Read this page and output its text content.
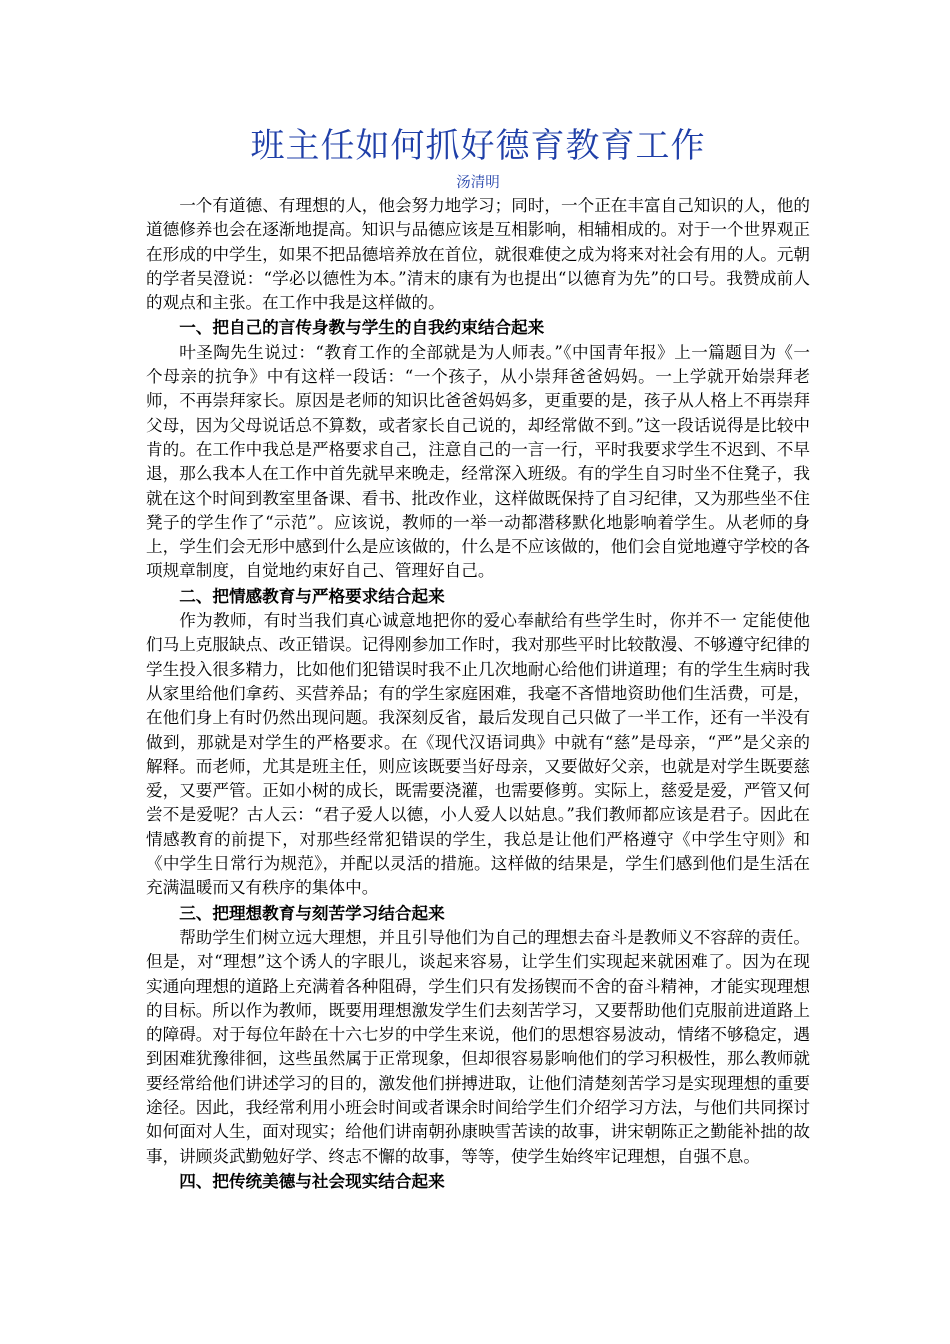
班主任如何抓好德育教育工作

汤清明

一个有道德、有理想的人，他会努力地学习；同时，一个正在丰富自己知识的人，他的道德修养也会在逐渐地提高。知识与品德应该是互相影响，相辅相成的。对于一个世界观正在形成的中学生，如果不把品德培养放在首位，就很难使之成为将来对社会有用的人。元朝的学者吴澄说：“学必以德性为本。”清末的康有为也提出“以德育为先”的口号。我赞成前人的观点和主张。在工作中我是这样做的。

一、把自己的言传身教与学生的自我约束结合起来

叶圣陶先生说过：“教育工作的全部就是为人师表。”《中国青年报》上一篇题目为《一个母亲的抗争》中有这样一段话：“一个孩子，从小崇拜爸爸妈妈。一上学就开始崇拜老师，不再崇拜家长。原因是老师的知识比爸爸妈妈多，更重要的是，孩子从人格上不再崇拜父母，因为父母说话总不算数，或者家长自己说的，却经常做不到。”这一段话说得是比较中肯的。在工作中我总是严格要求自己，注意自己的一言一行，平时我要求学生不迟到、不早退，那么我本人在工作中首先就早来晚走，经常深入班级。有的学生自习时坐不住凳子，我就在这个时间到教室里备课、看书、批改作业，这样做既保持了自习纪律，又为那些坐不住凳子的学生作了“示范”。应该说，教师的一举一动都潜移默化地影响着学生。从老师的身上，学生们会无形中感到什么是应该做的，什么是不应该做的，他们会自觉地遵守学校的各项规章制度，自觉地约束好自己、管理好自己。

二、把情感教育与严格要求结合起来

作为教师，有时当我们真心诚意地把你的爱心奉献给有些学生时，你并不一 定能使他们马上克服缺点、改正错误。记得刚参加工作时，我对那些平时比较散漫、不够遵守纪律的学生投入很多精力，比如他们犯错误时我不止几次地耐心给他们讲道理；有的学生生病时我从家里给他们拿药、买营养品；有的学生家庭困难，我毫不吝惜地资助他们生活费，可是，在他们身上有时仍然出现问题。我深刻反省，最后发现自己只做了一半工作，还有一半没有做到，那就是对学生的严格要求。在《现代汉语词典》中就有“慈”是母亲，“严”是父亲的解释。而老师，尤其是班主任，则应该既要当好母亲，又要做好父亲，也就是对学生既要慈爱，又要严管。正如小树的成长，既需要浇灌，也需要修剪。实际上，慈爱是爱，严管又何尝不是爱呢？古人云：“君子爱人以德，小人爱人以姑息。”我们教师都应该是君子。因此在情感教育的前提下，对那些经常犯错误的学生，我总是让他们严格遵守《中学生守则》和《中学生日常行为规范》，并配以灵活的措施。这样做的结果是，学生们感到他们是生活在充满温暖而又有秩序的集体中。

三、把理想教育与刻苦学习结合起来

帮助学生们树立远大理想，并且引导他们为自己的理想去奋斗是教师义不容辞的责任。但是，对“理想”这个诱人的字眼儿，谈起来容易，让学生们实现起来就困难了。因为在现实通向理想的道路上充满着各种阻碍，学生们只有发扬锲而不舍的奋斗精神，才能实现理想的目标。所以作为教师，既要用理想激发学生们去刻苦学习，又要帮助他们克服前进道路上的障碍。对于每位年龄在十六七岁的中学生来说，他们的思想容易波动，情绪不够稳定，遇到困难犹豫徘徊，这些虽然属于正常现象，但却很容易影响他们的学习积极性，那么教师就要经常给他们讲述学习的目的，激发他们拼搏进取，让他们清楚刻苦学习是实现理想的重要途径。因此，我经常利用小班会时间或者课余时间给学生们介绍学习方法，与他们共同探讨如何面对人生，面对现实；给他们讲南朝孙康映雪苦读的故事，讲宋朝陈正之勤能补拙的故事，讲顾炎武勤勉好学、终志不懈的故事，等等，使学生始终牢记理想，自强不息。

四、把传统美德与社会现实结合起来
